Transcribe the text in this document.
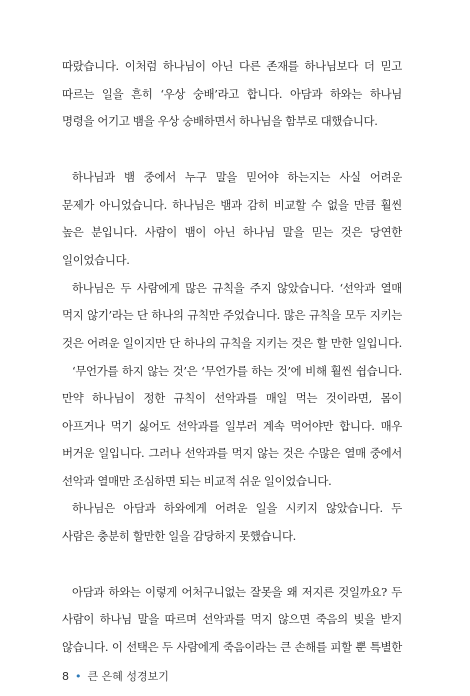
따랐습니다. 이처럼 하나님이 아닌 다른 존재를 하나님보다 더 믿고
따르는 일을 흔히 ‘우상 숭배’라고 합니다. 아담과 하와는 하나님
명령을 어기고 뱀을 우상 숭배하면서 하나님을 함부로 대했습니다.
하나님과 뱀 중에서 누구 말을 믿어야 하는지는 사실 어려운
문제가 아니었습니다. 하나님은 뱀과 감히 비교할 수 없을 만큼 훨씬
높은 분입니다. 사람이 뱀이 아닌 하나님 말을 믿는 것은 당연한
일이었습니다.
하나님은 두 사람에게 많은 규칙을 주지 않았습니다. ‘선악과 열매
먹지 않기’라는 단 하나의 규칙만 주었습니다. 많은 규칙을 모두 지키는
것은 어려운 일이지만 단 하나의 규칙을 지키는 것은 할 만한 일입니다.
‘무언가를 하지 않는 것’은 ‘무언가를 하는 것’에 비해 훨씬 쉽습니다.
만약 하나님이 정한 규칙이 선악과를 매일 먹는 것이라면, 몸이
아프거나 먹기 싫어도 선악과를 일부러 계속 먹어야만 합니다. 매우
버거운 일입니다. 그러나 선악과를 먹지 않는 것은 수많은 열매 중에서
선악과 열매만 조심하면 되는 비교적 쉬운 일이었습니다.
하나님은 아담과 하와에게 어려운 일을 시키지 않았습니다. 두
사람은 충분히 할만한 일을 감당하지 못했습니다.
아담과 하와는 이렇게 어처구니없는 잘못을 왜 저지른 것일까요? 두
사람이 하나님 말을 따르며 선악과를 먹지 않으면 죽음의 빚을 받지
않습니다. 이 선택은 두 사람에게 죽음이라는 큰 손해를 피할 뿐 특별한
8 • 큰 은혜 성경보기
